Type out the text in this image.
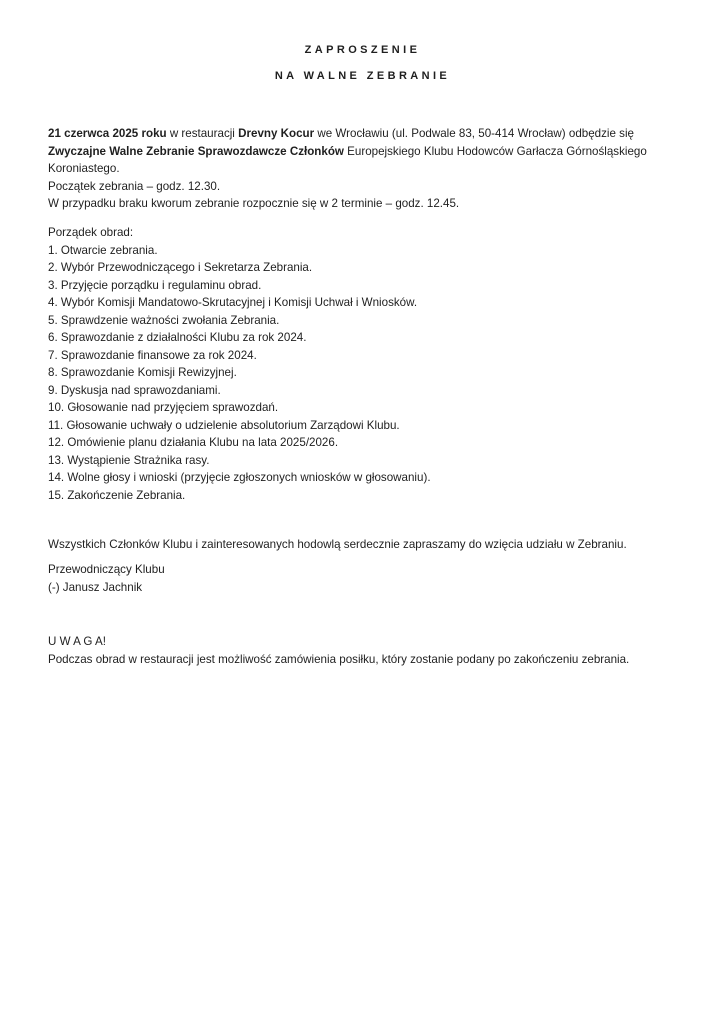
ZAPROSZENIE
NA WALNE ZEBRANIE

21 czerwca 2025 roku w restauracji Drevny Kocur we Wrocławiu (ul. Podwale 83, 50-414 Wrocław) odbędzie się Zwyczajne Walne Zebranie Sprawozdawcze Członków Europejskiego Klubu Hodowców Garłacza Górnośląskiego Koroniastego.

Początek zebrania – godz. 12.30.

W przypadku braku kworum zebranie rozpocznie się w 2 terminie – godz. 12.45.

Porządek obrad:

1. Otwarcie zebrania.
2. Wybór Przewodniczącego i Sekretarza Zebrania.
3. Przyjęcie porządku i regulaminu obrad.
4. Wybór Komisji Mandatowo-Skrutacyjnej i Komisji Uchwał i Wniosków.
5. Sprawdzenie ważności zwołania Zebrania.
6. Sprawozdanie z działalności Klubu za rok 2024.
7. Sprawozdanie finansowe za rok 2024.
8. Sprawozdanie Komisji Rewizyjnej.
9. Dyskusja nad sprawozdaniami.
10. Głosowanie nad przyjęciem sprawozdań.
11. Głosowanie uchwały o udzielenie absolutorium Zarządowi Klubu.
12. Omówienie planu działania Klubu na lata 2025/2026.
13. Wystąpienie Strażnika rasy.
14. Wolne głosy i wnioski (przyjęcie zgłoszonych wniosków w głosowaniu).
15. Zakończenie Zebrania.
Wszystkich Członków Klubu i zainteresowanych hodowlą serdecznie zapraszamy do wzięcia udziału w Zebraniu.

Przewodniczący Klubu

(-) Janusz Jachnik

U W A G A!

Podczas obrad w restauracji jest możliwość zamówienia posiłku, który zostanie podany po zakończeniu zebrania.
